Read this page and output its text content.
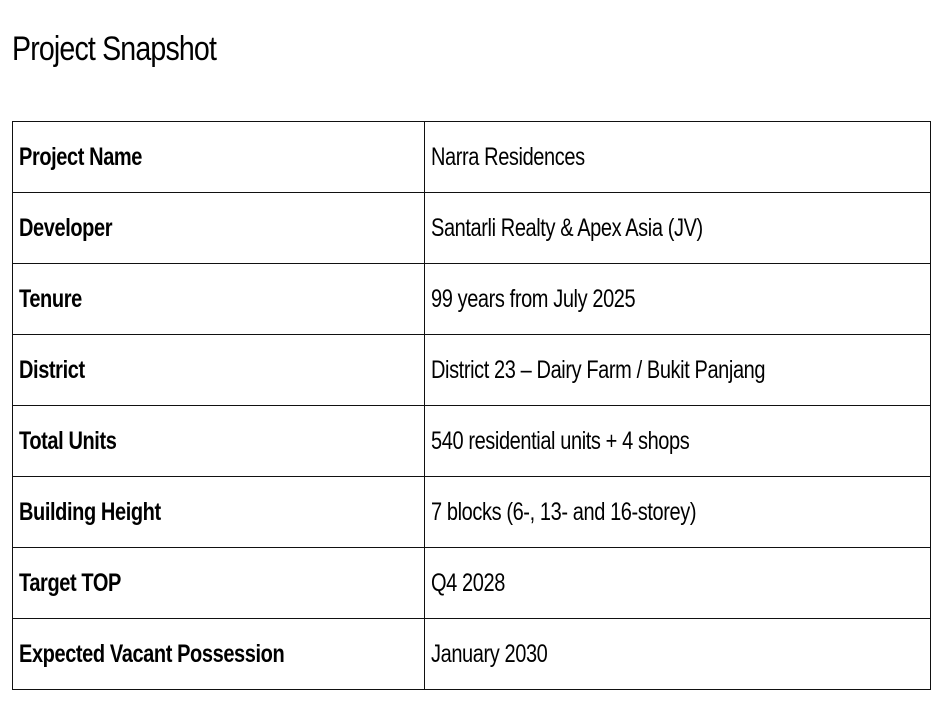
Project Snapshot
Project Name	Narra Residences
Developer	Santarli Realty & Apex Asia (JV)
Tenure	99 years from July 2025
District	District 23 – Dairy Farm / Bukit Panjang
Total Units	540 residential units + 4 shops
Building Height	7 blocks (6-, 13- and 16-storey)
Target TOP	Q4 2028
Expected Vacant Possession	January 2030
